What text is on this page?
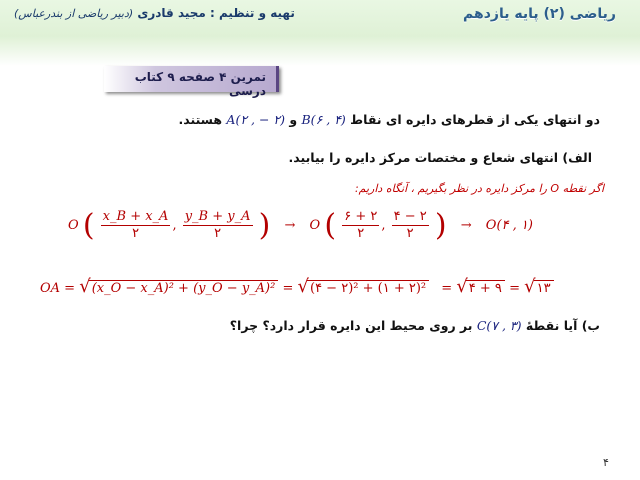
ریاضی (۲) پایه یازدهم
تهیه و تنظیم : مجید قادری (دبیر ریاضی از بندرعباس)
تمرین ۴ صفحه ۹ کتاب درسی
دو انتهای یکی از قطرهای دایره ای نقاط B(۶ , ۴) و A(۲ , − ۲) هستند.
الف) انتهای شعاع و مختصات مرکز دایره را بیابید.
اگر نقطه O را مرکز دایره در نظر بگیریم ، آنگاه داریم:
O ( $\frac{x\_B + x\_A}{۲}$ , $\frac{y\_B + y\_A}{۲}$ ) → O ( $\frac{۶ + ۲}{۲}$ , $\frac{۴ - ۲}{۲}$ ) → O(۴ , ۱)
OA = √(x_O − x_A)² + (y_O − y_A)² = √(۴ − ۲)² + (۱ + ۲)² = √۴ + ۹ = √۱۳
ب) آیا نقطهٔ C(۷ , ۳) بر روی محیط این دایره قرار دارد؟ چرا؟
۴
